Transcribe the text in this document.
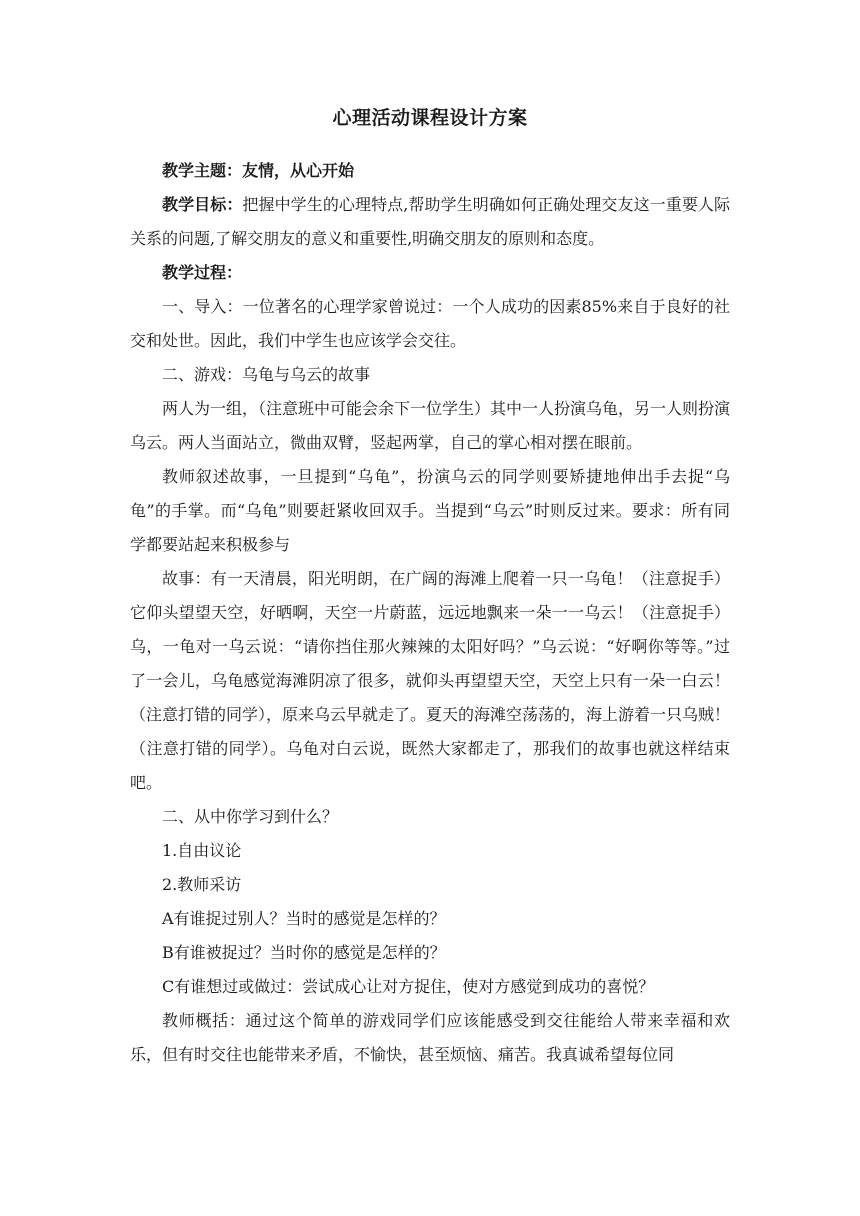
心理活动课程设计方案

教学主题：友情，从心开始

教学目标：把握中学生的心理特点,帮助学生明确如何正确处理交友这一重要人际关系的问题,了解交朋友的意义和重要性,明确交朋友的原则和态度。

教学过程：

一、导入：一位著名的心理学家曾说过：一个人成功的因素85%来自于良好的社交和处世。因此，我们中学生也应该学会交往。

二、游戏：乌龟与乌云的故事

两人为一组，（注意班中可能会余下一位学生）其中一人扮演乌龟，另一人则扮演乌云。两人当面站立，微曲双臂，竖起两掌，自己的掌心相对摆在眼前。

教师叙述故事，一旦提到“乌龟”，扮演乌云的同学则要矫捷地伸出手去捉“乌龟”的手掌。而“乌龟”则要赶紧收回双手。当提到“乌云”时则反过来。要求：所有同学都要站起来积极参与

故事：有一天清晨，阳光明朗，在广阔的海滩上爬着一只一乌龟！（注意捉手）它仰头望望天空，好晒啊，天空一片蔚蓝，远远地飘来一朵一一乌云！（注意捉手）乌，一龟对一乌云说：“请你挡住那火辣辣的太阳好吗？”乌云说：“好啊你等等。”过了一会儿，乌龟感觉海滩阴凉了很多，就仰头再望望天空，天空上只有一朵一白云！（注意打错的同学），原来乌云早就走了。夏天的海滩空荡荡的，海上游着一只乌贼！（注意打错的同学）。乌龟对白云说，既然大家都走了，那我们的故事也就这样结束吧。

二、从中你学习到什么？

1.自由议论

2.教师采访

A有谁捉过别人？当时的感觉是怎样的？

B有谁被捉过？当时你的感觉是怎样的？

C有谁想过或做过：尝试成心让对方捉住，使对方感觉到成功的喜悦？

教师概括：通过这个简单的游戏同学们应该能感受到交往能给人带来幸福和欢乐，但有时交往也能带来矛盾，不愉快，甚至烦恼、痛苦。我真诚希望每位同
